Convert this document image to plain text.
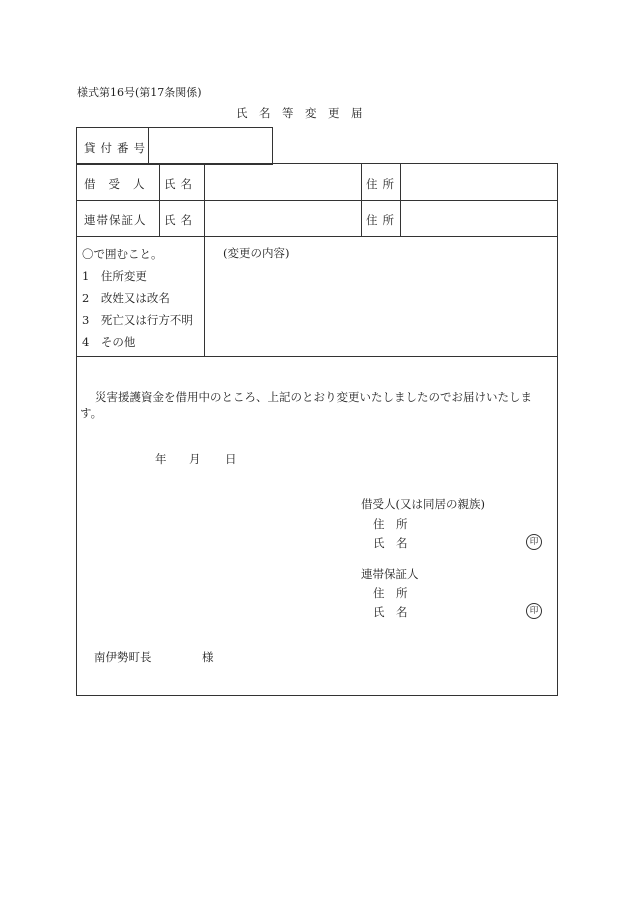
様式第16号(第17条関係)
氏　名　等　変　更　届
貸付番号
借受人 氏名	住所
連帯保証人 氏名	住所
〇で囲むこと。
1　住所変更
2　改姓又は改名
3　死亡又は行方不明
4　その他
(変更の内容)
災害援護資金を借用中のところ、上記のとおり変更いたしましたのでお届けいたしま
す。
年 月 日
借受人(又は同居の親族)
住　所
氏　名	印
連帯保証人
住　所
氏　名	印
南伊勢町長	様
